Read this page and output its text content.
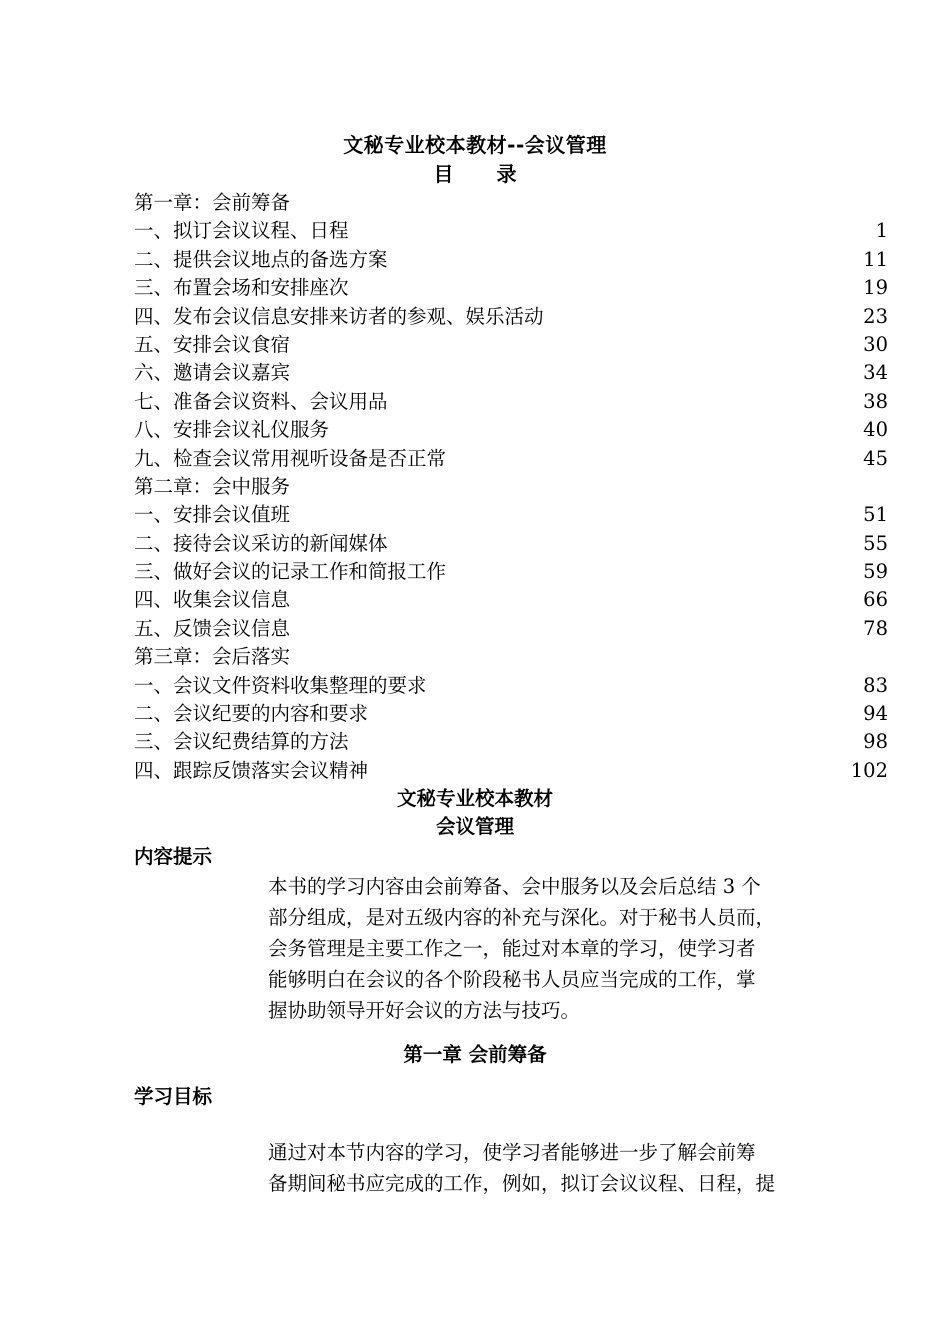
文秘专业校本教材--会议管理
目 录
第一章：会前筹备
一、拟订会议议程、日程	1
二、提供会议地点的备选方案	11
三、布置会场和安排座次	19
四、发布会议信息安排来访者的参观、娱乐活动	23
五、安排会议食宿	30
六、邀请会议嘉宾	34
七、准备会议资料、会议用品	38
八、安排会议礼仪服务	40
九、检查会议常用视听设备是否正常	45
第二章：会中服务
一、安排会议值班	51
二、接待会议采访的新闻媒体	55
三、做好会议的记录工作和简报工作	59
四、收集会议信息	66
五、反馈会议信息	78
第三章：会后落实
一、会议文件资料收集整理的要求	83
二、会议纪要的内容和要求	94
三、会议纪费结算的方法	98
四、跟踪反馈落实会议精神	102
文秘专业校本教材
会议管理
内容提示
本书的学习内容由会前筹备、会中服务以及会后总结 3 个
部分组成，是对五级内容的补充与深化。对于秘书人员而，
会务管理是主要工作之一，能过对本章的学习，使学习者
能够明白在会议的各个阶段秘书人员应当完成的工作，掌
握协助领导开好会议的方法与技巧。
第一章 会前筹备
学习目标
通过对本节内容的学习，使学习者能够进一步了解会前筹
备期间秘书应完成的工作，例如，拟订会议议程、日程，提
